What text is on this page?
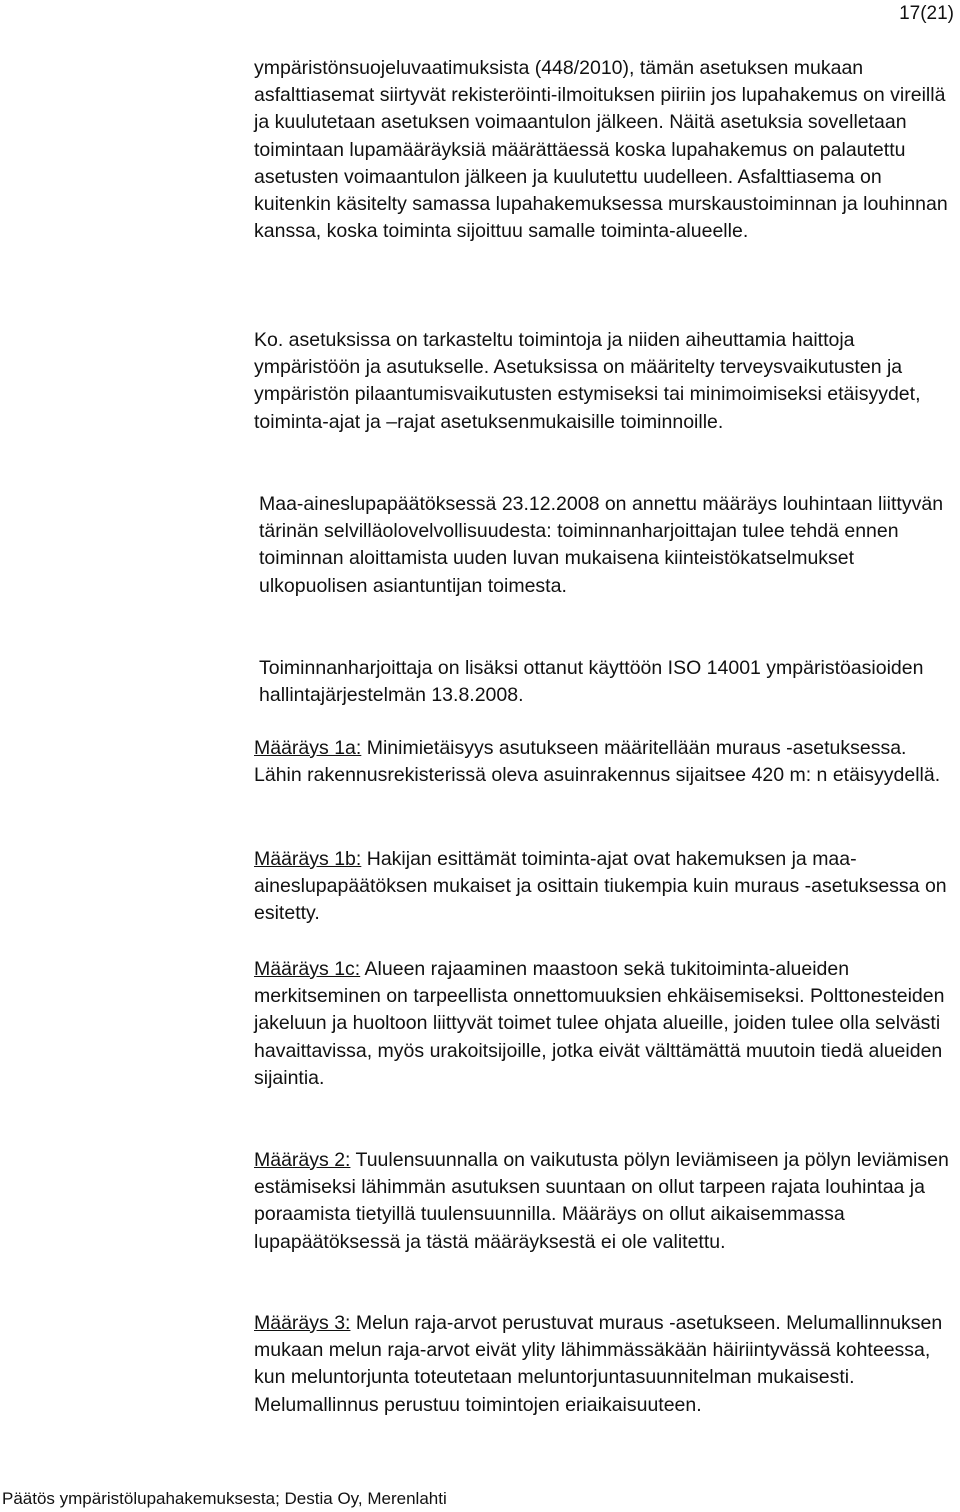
17(21)

ympäristönsuojeluvaatimuksista (448/2010), tämän asetuksen mukaan asfalttiasemat siirtyvät rekisteröinti-ilmoituksen piiriin jos lupahakemus on vireillä ja kuulutetaan asetuksen voimaantulon jälkeen. Näitä asetuksia sovelletaan toimintaan lupamääräyksiä määrättäessä koska lupahakemus on palautettu asetusten voimaantulon jälkeen ja kuulutettu uudelleen. Asfalttiasema on kuitenkin käsitelty samassa lupahakemuksessa murskaustoiminnan ja louhinnan kanssa, koska toiminta sijoittuu samalle toiminta-alueelle.

Ko. asetuksissa on tarkasteltu toimintoja ja niiden aiheuttamia haittoja ympäristöön ja asutukselle. Asetuksissa on määritelty terveysvaikutusten ja ympäristön pilaantumisvaikutusten estymiseksi tai minimoimiseksi etäisyydet, toiminta-ajat ja –rajat asetuksenmukaisille toiminnoille.

Maa-aineslupapäätöksessä 23.12.2008 on annettu määräys louhintaan liittyvän tärinän selvilläolovelvollisuudesta: toiminnanharjoittajan tulee tehdä ennen toiminnan aloittamista uuden luvan mukaisena kiinteistökatselmukset ulkopuolisen asiantuntijan toimesta.

Toiminnanharjoittaja on lisäksi ottanut käyttöön ISO 14001 ympäristöasioiden hallintajärjestelmän 13.8.2008.

Määräys 1a: Minimietäisyys asutukseen määritellään muraus -asetuksessa. Lähin rakennusrekisterissä oleva asuinrakennus sijaitsee 420 m: n etäisyydellä.

Määräys 1b: Hakijan esittämät toiminta-ajat ovat hakemuksen ja maa-aineslupapäätöksen mukaiset ja osittain tiukempia kuin muraus -asetuksessa on esitetty.

Määräys 1c: Alueen rajaaminen maastoon sekä tukitoiminta-alueiden merkitseminen on tarpeellista onnettomuuksien ehkäisemiseksi. Polttonesteiden jakeluun ja huoltoon liittyvät toimet tulee ohjata alueille, joiden tulee olla selvästi havaittavissa, myös urakoitsijoille, jotka eivät välttämättä muutoin tiedä alueiden sijaintia.

Määräys 2: Tuulensuunnalla on vaikutusta pölyn leviämiseen ja pölyn leviämisen estämiseksi lähimmän asutuksen suuntaan on ollut tarpeen rajata louhintaa ja poraamista tietyillä tuulensuunnilla. Määräys on ollut aikaisemmassa lupapäätöksessä ja tästä määräyksestä ei ole valitettu.

Määräys 3: Melun raja-arvot perustuvat muraus -asetukseen. Melumallinnuksen mukaan melun raja-arvot eivät ylity lähimmässäkään häiriintyvässä kohteessa, kun meluntorjunta toteutetaan meluntorjuntasuunnitelman mukaisesti. Melumallinnus perustuu toimintojen eriaikaisuuteen.

Päätös ympäristölupahakemuksesta; Destia Oy, Merenlahti
